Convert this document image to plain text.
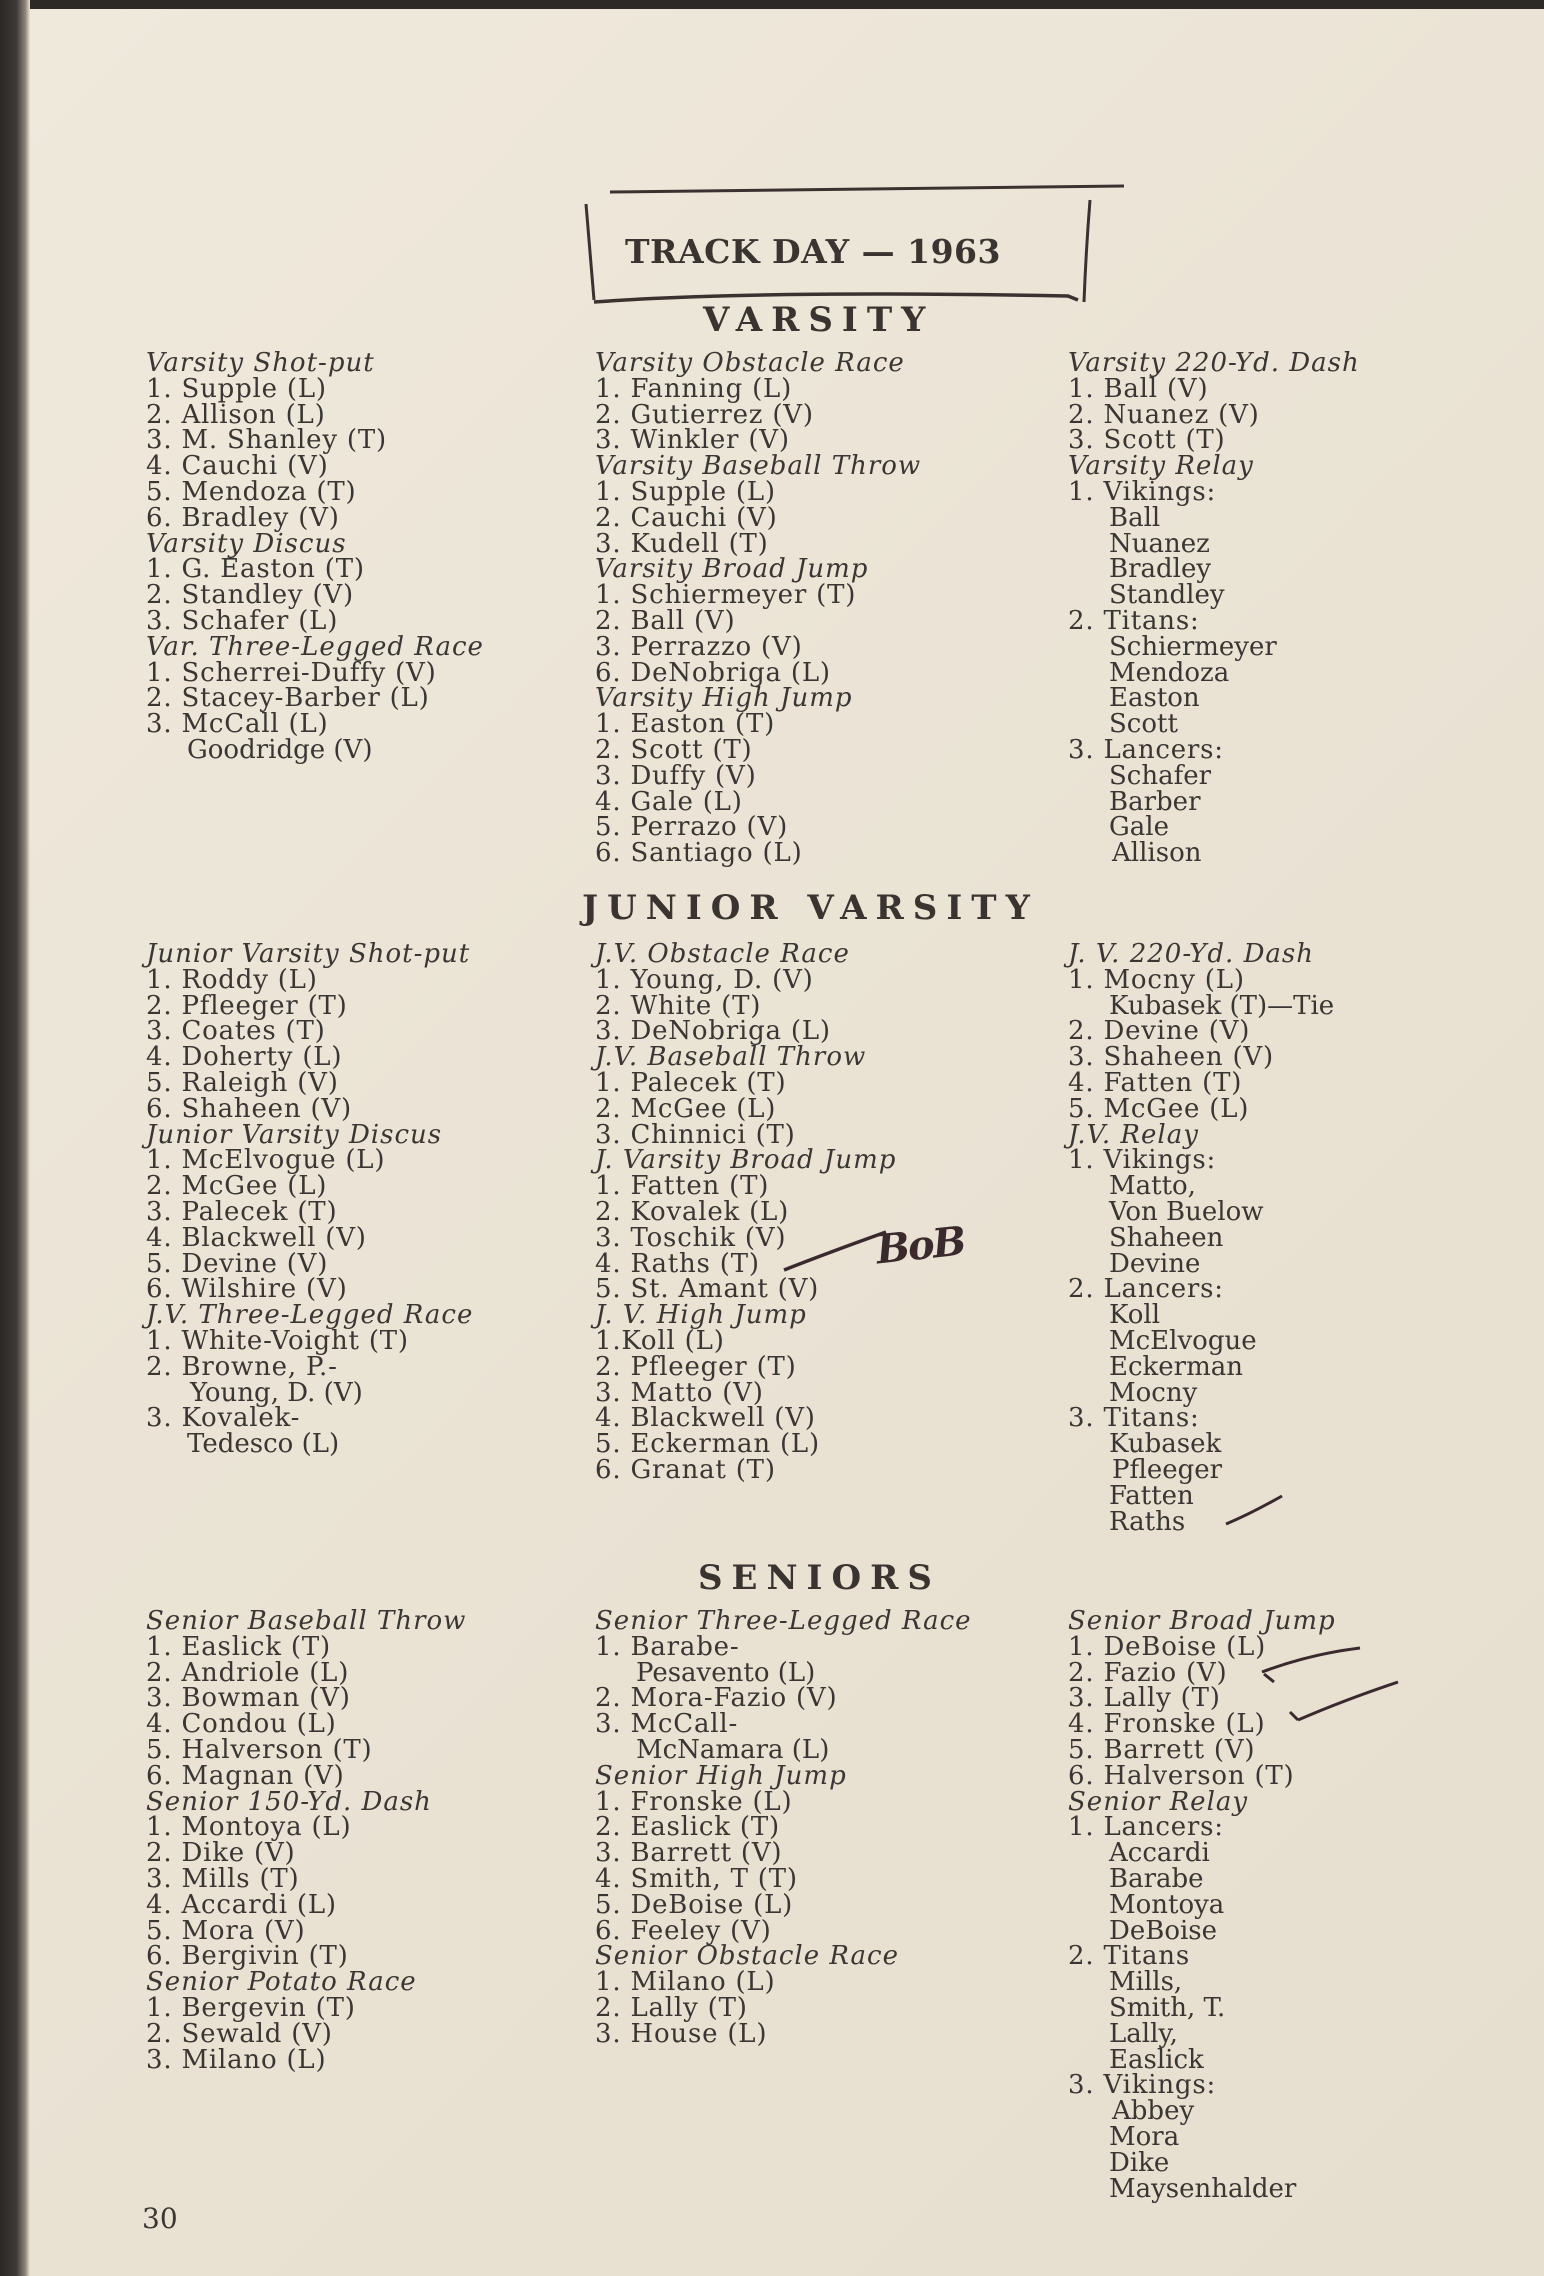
TRACK DAY — 1963
VARSITY
JUNIOR VARSITY
SENIORS
Varsity Shot-put
1. Supple (L)
2. Allison (L)
3. M. Shanley (T)
4. Cauchi (V)
5. Mendoza (T)
6. Bradley (V)
Varsity Discus
1. G. Easton (T)
2. Standley (V)
3. Schafer (L)
Var. Three-Legged Race
1. Scherrei-Duffy (V)
2. Stacey-Barber (L)
3. McCall (L)
Goodridge (V)
Varsity Obstacle Race
1. Fanning (L)
2. Gutierrez (V)
3. Winkler (V)
Varsity Baseball Throw
1. Supple (L)
2. Cauchi (V)
3. Kudell (T)
Varsity Broad Jump
1. Schiermeyer (T)
2. Ball (V)
3. Perrazzo (V)
6. DeNobriga (L)
Varsity High Jump
1. Easton (T)
2. Scott (T)
3. Duffy (V)
4. Gale (L)
5. Perrazo (V)
6. Santiago (L)
Varsity 220-Yd. Dash
1. Ball (V)
2. Nuanez (V)
3. Scott (T)
Varsity Relay
1. Vikings:
Ball
Nuanez
Bradley
Standley
2. Titans:
Schiermeyer
Mendoza
Easton
Scott
3. Lancers:
Schafer
Barber
Gale
Allison
Junior Varsity Shot-put
1. Roddy (L)
2. Pfleeger (T)
3. Coates (T)
4. Doherty (L)
5. Raleigh (V)
6. Shaheen (V)
Junior Varsity Discus
1. McElvogue (L)
2. McGee (L)
3. Palecek (T)
4. Blackwell (V)
5. Devine (V)
6. Wilshire (V)
J.V. Three-Legged Race
1. White-Voight (T)
2. Browne, P.-
Young, D. (V)
3. Kovalek-
Tedesco (L)
J.V. Obstacle Race
1. Young, D. (V)
2. White (T)
3. DeNobriga (L)
J.V. Baseball Throw
1. Palecek (T)
2. McGee (L)
3. Chinnici (T)
J. Varsity Broad Jump
1. Fatten (T)
2. Kovalek (L)
3. Toschik (V)
4. Raths (T)
5. St. Amant (V)
J. V. High Jump
1.Koll (L)
2. Pfleeger (T)
3. Matto (V)
4. Blackwell (V)
5. Eckerman (L)
6. Granat (T)
J. V. 220-Yd. Dash
1. Mocny (L)
Kubasek (T)—Tie
2. Devine (V)
3. Shaheen (V)
4. Fatten (T)
5. McGee (L)
J.V. Relay
1. Vikings:
Matto,
Von Buelow
Shaheen
Devine
2. Lancers:
Koll
McElvogue
Eckerman
Mocny
3. Titans:
Kubasek
Pfleeger
Fatten
Raths
Senior Baseball Throw
1. Easlick (T)
2. Andriole (L)
3. Bowman (V)
4. Condou (L)
5. Halverson (T)
6. Magnan (V)
Senior 150-Yd. Dash
1. Montoya (L)
2. Dike (V)
3. Mills (T)
4. Accardi (L)
5. Mora (V)
6. Bergivin (T)
Senior Potato Race
1. Bergevin (T)
2. Sewald (V)
3. Milano (L)
Senior Three-Legged Race
1. Barabe-
Pesavento (L)
2. Mora-Fazio (V)
3. McCall-
McNamara (L)
Senior High Jump
1. Fronske (L)
2. Easlick (T)
3. Barrett (V)
4. Smith, T (T)
5. DeBoise (L)
6. Feeley (V)
Senior Obstacle Race
1. Milano (L)
2. Lally (T)
3. House (L)
Senior Broad Jump
1. DeBoise (L)
2. Fazio (V)
3. Lally (T)
4. Fronske (L)
5. Barrett (V)
6. Halverson (T)
Senior Relay
1. Lancers:
Accardi
Barabe
Montoya
DeBoise
2. Titans
Mills,
Smith, T.
Lally,
Easlick
3. Vikings:
Abbey
Mora
Dike
Maysenhalder
BoB
30
